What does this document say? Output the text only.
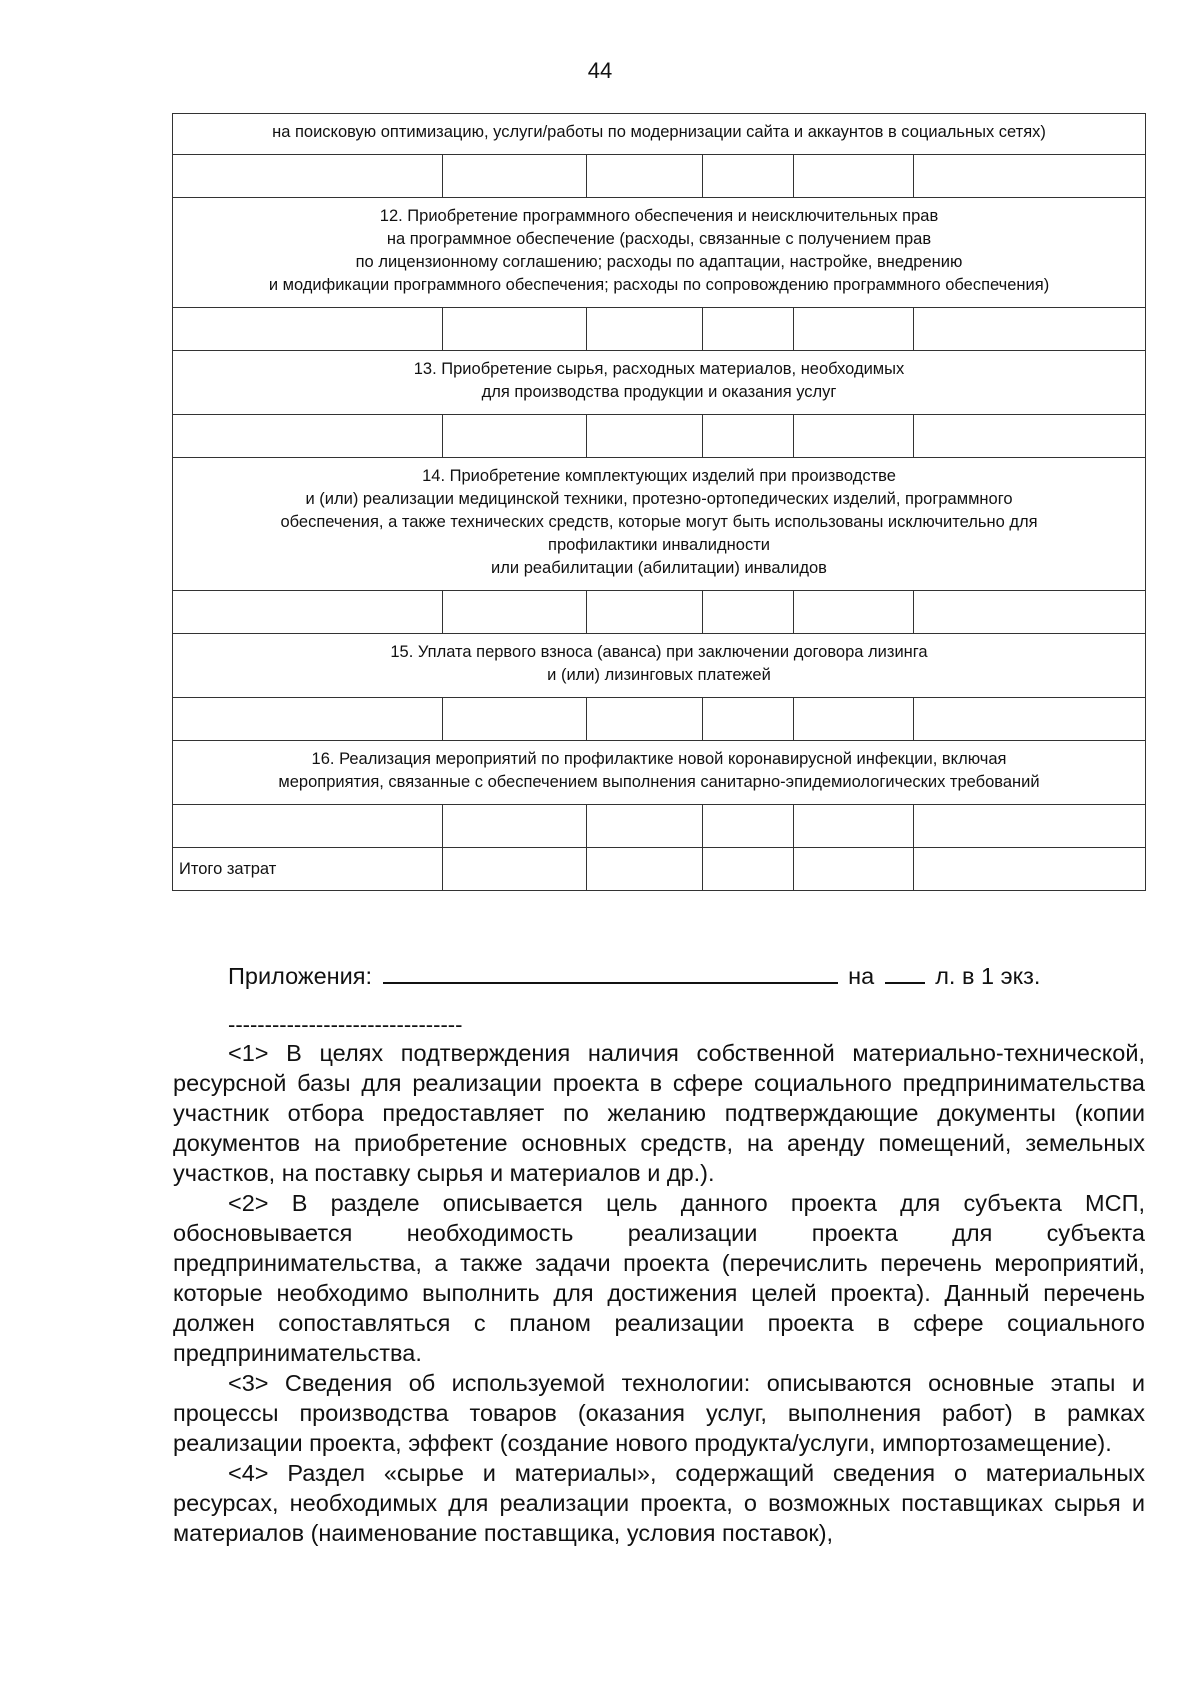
44
на поисковую оптимизацию, услуги/работы по модернизации сайта и аккаунтов в социальных сетях)					

12. Приобретение программного обеспечения и неисключительных прав
на программное обеспечение (расходы, связанные с получением прав
по лицензионному соглашению; расходы по адаптации, настройке, внедрению
и модификации программного обеспечения; расходы по сопровождению программного обеспечения)					

13. Приобретение сырья, расходных материалов, необходимых
для производства продукции и оказания услуг					

14. Приобретение комплектующих изделий при производстве
и (или) реализации медицинской техники, протезно-ортопедических изделий, программного
обеспечения, а также технических средств, которые могут быть использованы исключительно для
профилактики инвалидности
или реабилитации (абилитации) инвалидов					

15. Уплата первого взноса (аванса) при заключении договора лизинга
и (или) лизинговых платежей					

16. Реализация мероприятий по профилактике новой коронавирусной инфекции, включая
мероприятия, связанные с обеспечением выполнения санитарно-эпидемиологических требований					

Итого затрат					
Приложения:	на	л. в 1 экз.
--------------------------------

<1> В целях подтверждения наличия собственной материально-технической, ресурсной базы для реализации проекта в сфере социального предпринимательства участник отбора предоставляет по желанию подтверждающие документы (копии документов на приобретение основных средств, на аренду помещений, земельных участков, на поставку сырья и материалов и др.).

<2> В разделе описывается цель данного проекта для субъекта МСП, обосновывается необходимость реализации проекта для субъекта предпринимательства, а также задачи проекта (перечислить перечень мероприятий, которые необходимо выполнить для достижения целей проекта). Данный перечень должен сопоставляться с планом реализации проекта в сфере социального предпринимательства.

<3> Сведения об используемой технологии: описываются основные этапы и процессы производства товаров (оказания услуг, выполнения работ) в рамках реализации проекта, эффект (создание нового продукта/услуги, импортозамещение).

<4> Раздел «сырье и материалы», содержащий сведения о материальных ресурсах, необходимых для реализации проекта, о возможных поставщиках сырья и материалов (наименование поставщика, условия поставок),
